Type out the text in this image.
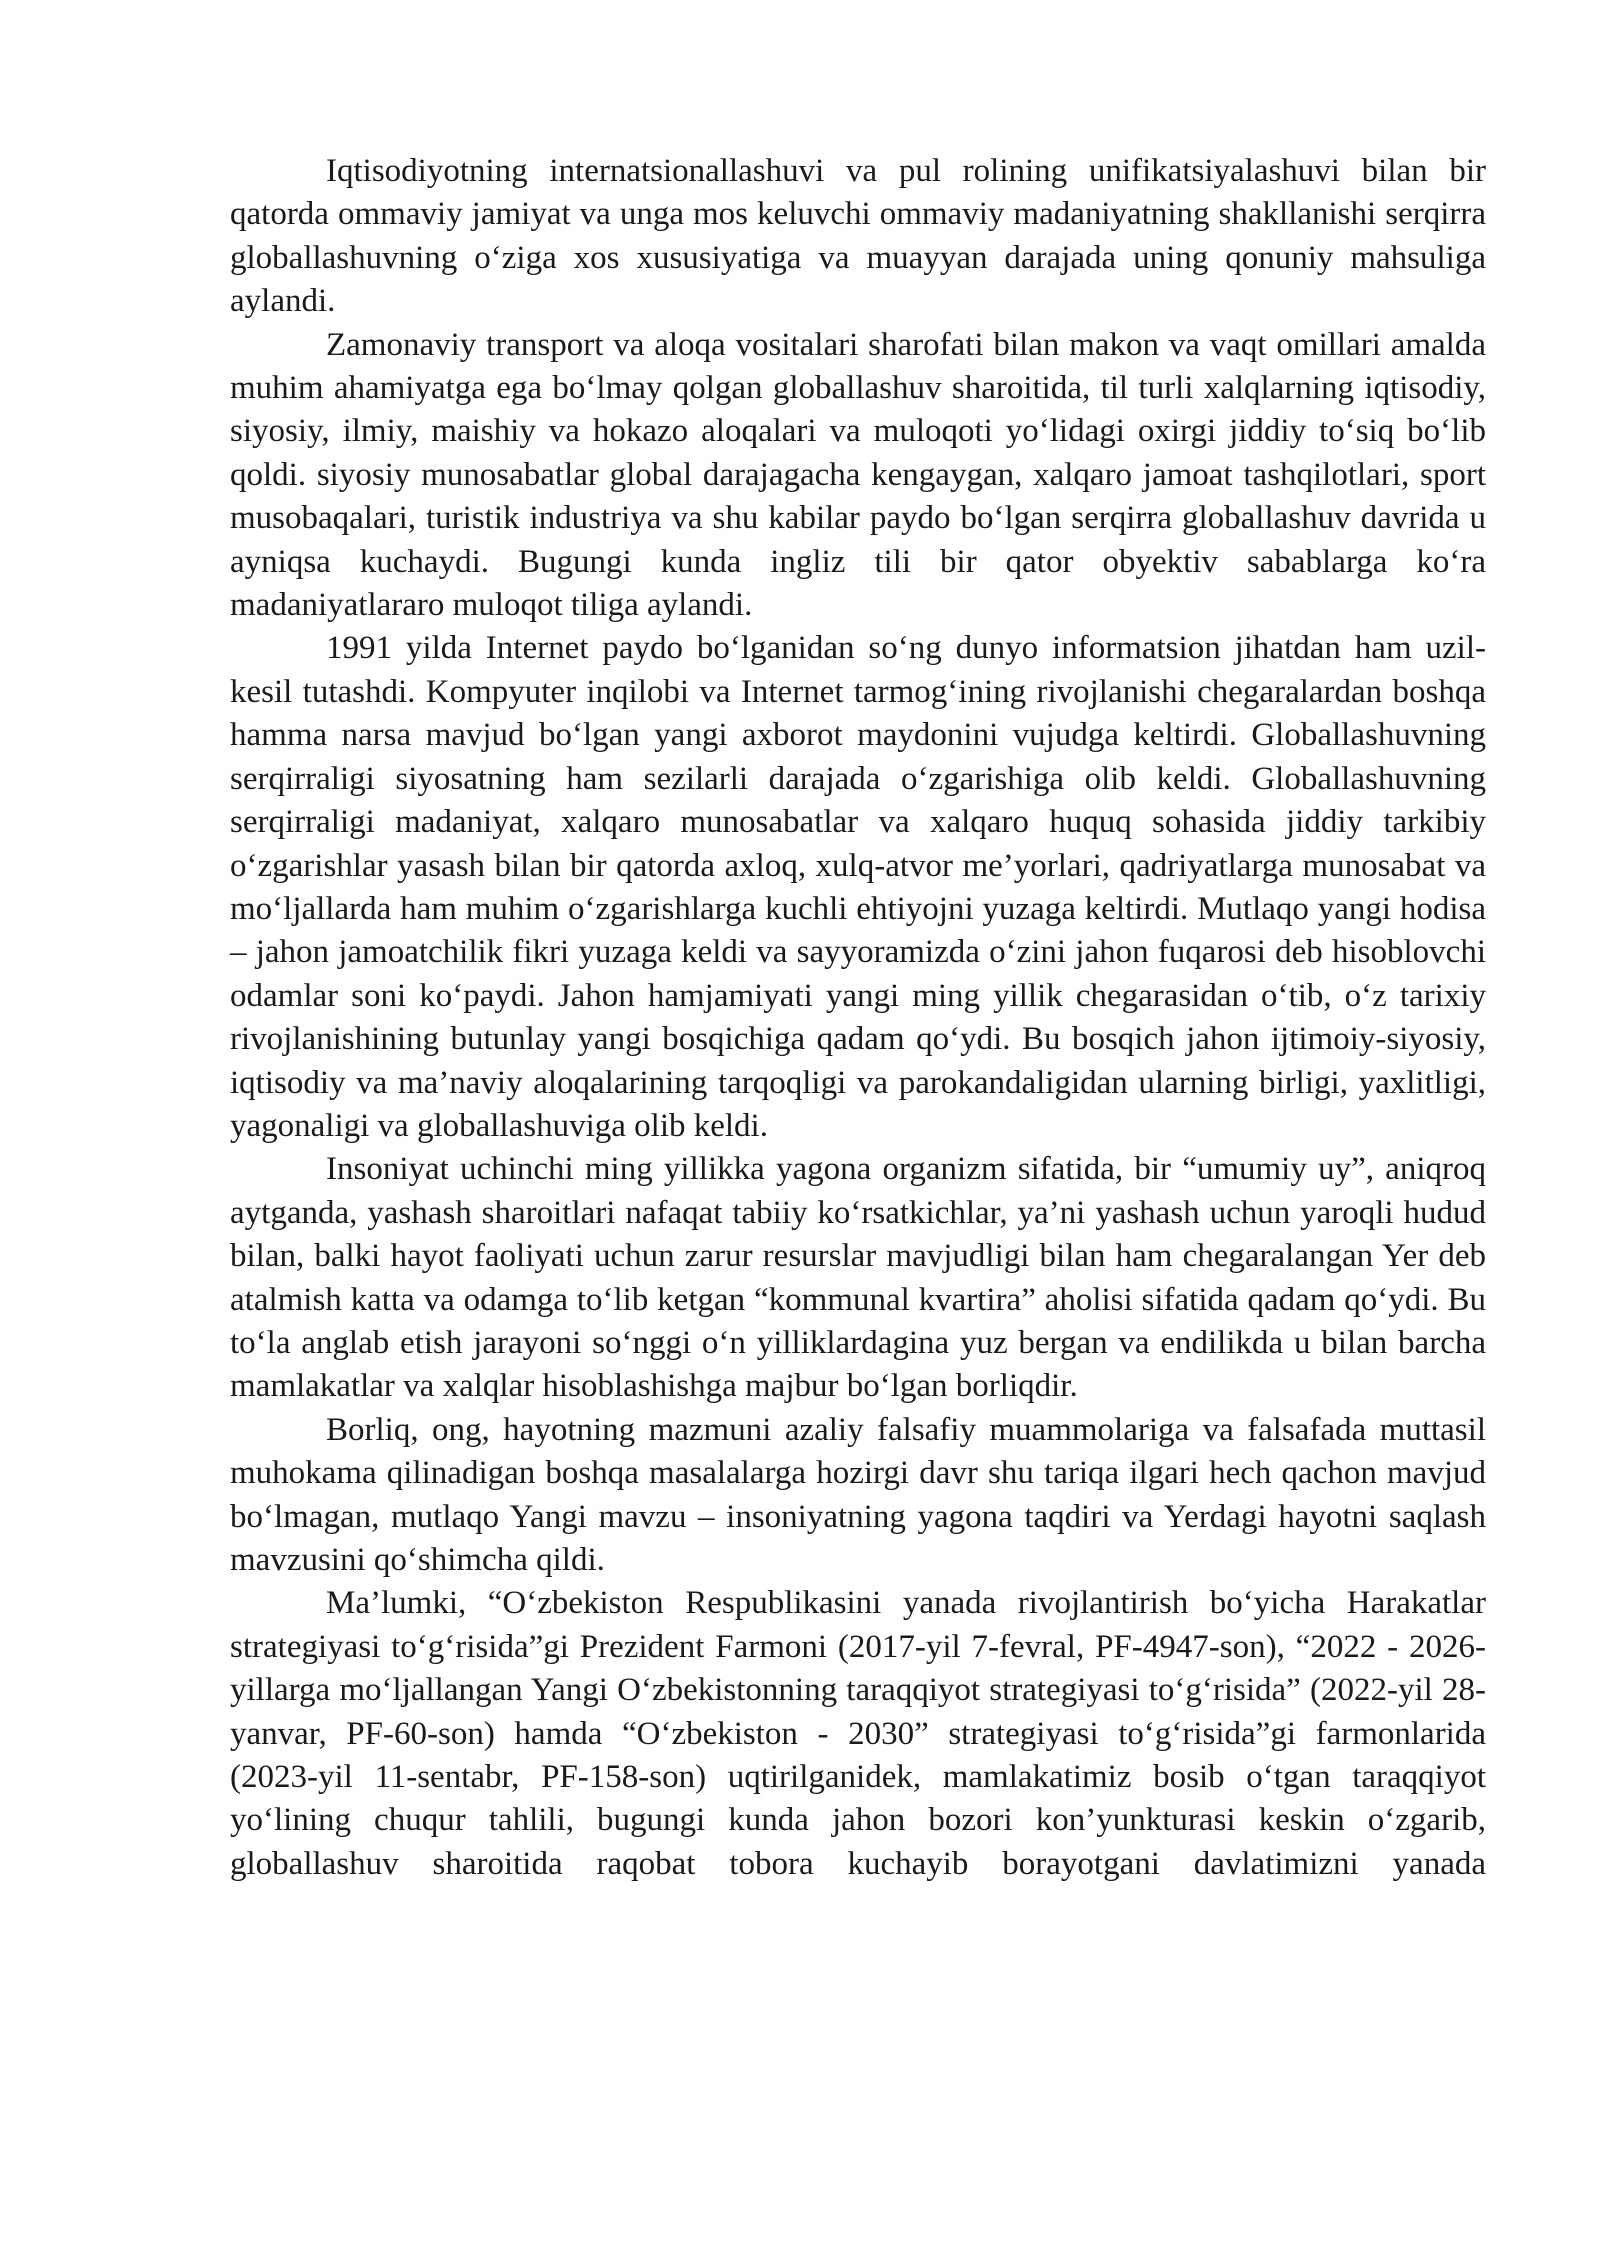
Iqtisodiyotning internatsionallashuvi va pul rolining unifikatsiyalashuvi bilan bir qatorda ommaviy jamiyat va unga mos keluvchi ommaviy madaniyatning shakllanishi serqirra globallashuvning o‘ziga xos xususiyatiga va muayyan darajada uning qonuniy mahsuliga aylandi.

Zamonaviy transport va aloqa vositalari sharofati bilan makon va vaqt omillari amalda muhim ahamiyatga ega bo‘lmay qolgan globallashuv sharoitida, til turli xalqlarning iqtisodiy, siyosiy, ilmiy, maishiy va hokazo aloqalari va muloqoti yo‘lidagi oxirgi jiddiy to‘siq bo‘lib qoldi. siyosiy munosabatlar global darajagacha kengaygan, xalqaro jamoat tashqilotlari, sport musobaqalari, turistik industriya va shu kabilar paydo bo‘lgan serqirra globallashuv davrida u ayniqsa kuchaydi. Bugungi kunda ingliz tili bir qator obyektiv sabablarga ko‘ra madaniyatlararo muloqot tiliga aylandi.

1991 yilda Internet paydo bo‘lganidan so‘ng dunyo informatsion jihatdan ham uzil-kesil tutashdi. Kompyuter inqilobi va Internet tarmog‘ining rivojlanishi chegaralardan boshqa hamma narsa mavjud bo‘lgan yangi axborot maydonini vujudga keltirdi. Globallashuvning serqirraligi siyosatning ham sezilarli darajada o‘zgarishiga olib keldi. Globallashuvning serqirraligi madaniyat, xalqaro munosabatlar va xalqaro huquq sohasida jiddiy tarkibiy o‘zgarishlar yasash bilan bir qatorda axloq, xulq-atvor me’yorlari, qadriyatlarga munosabat va mo‘ljallarda ham muhim o‘zgarishlarga kuchli ehtiyojni yuzaga keltirdi. Mutlaqo yangi hodisa – jahon jamoatchilik fikri yuzaga keldi va sayyoramizda o‘zini jahon fuqarosi deb hisoblovchi odamlar soni ko‘paydi. Jahon hamjamiyati yangi ming yillik chegarasidan o‘tib, o‘z tarixiy rivojlanishining butunlay yangi bosqichiga qadam qo‘ydi. Bu bosqich jahon ijtimoiy-siyosiy, iqtisodiy va ma’naviy aloqalarining tarqoqligi va parokandaligidan ularning birligi, yaxlitligi, yagonaligi va globallashuviga olib keldi.

Insoniyat uchinchi ming yillikka yagona organizm sifatida, bir “umumiy uy”, aniqroq aytganda, yashash sharoitlari nafaqat tabiiy ko‘rsatkichlar, ya’ni yashash uchun yaroqli hudud bilan, balki hayot faoliyati uchun zarur resurslar mavjudligi bilan ham chegaralangan Yer deb atalmish katta va odamga to‘lib ketgan “kommunal kvartira” aholisi sifatida qadam qo‘ydi. Bu to‘la anglab etish jarayoni so‘nggi o‘n yilliklardagina yuz bergan va endilikda u bilan barcha mamlakatlar va xalqlar hisoblashishga majbur bo‘lgan borliqdir.

Borliq, ong, hayotning mazmuni azaliy falsafiy muammolariga va falsafada muttasil muhokama qilinadigan boshqa masalalarga hozirgi davr shu tariqa ilgari hech qachon mavjud bo‘lmagan, mutlaqo Yangi mavzu – insoniyatning yagona taqdiri va Yerdagi hayotni saqlash mavzusini qo‘shimcha qildi.

Ma’lumki, “O‘zbekiston Respublikasini yanada rivojlantirish bo‘yicha Harakatlar strategiyasi to‘g‘risida”gi Prezident Farmoni (2017-yil 7-fevral, PF-4947-son), “2022 - 2026-yillarga mo‘ljallangan Yangi O‘zbekistonning taraqqiyot strategiyasi to‘g‘risida” (2022-yil 28-yanvar, PF-60-son) hamda “O‘zbekiston - 2030” strategiyasi to‘g‘risida”gi farmonlarida (2023-yil 11-sentabr, PF-158-son) uqtirilganidek, mamlakatimiz bosib o‘tgan taraqqiyot yo‘lining chuqur tahlili, bugungi kunda jahon bozori kon’yunkturasi keskin o‘zgarib, globallashuv sharoitida raqobat tobora kuchayib borayotgani davlatimizni yanada
